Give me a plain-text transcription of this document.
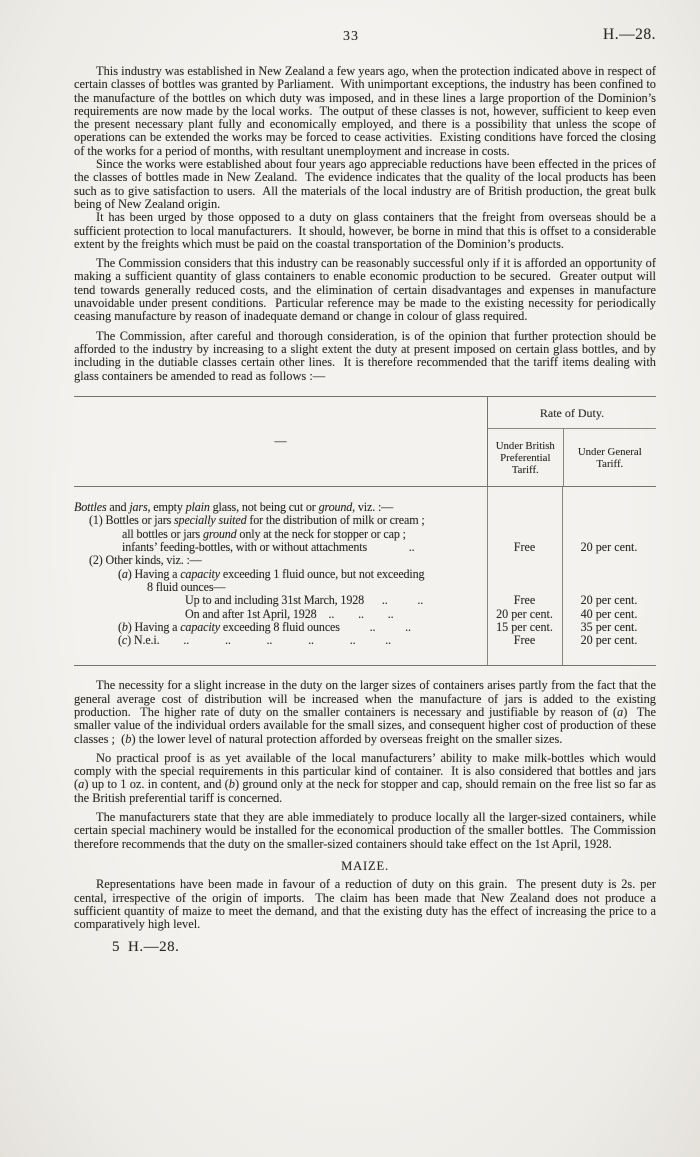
33	H.—28.

This industry was established in New Zealand a few years ago, when the protection indicated above in respect of certain classes of bottles was granted by Parliament.  With unimportant exceptions, the industry has been confined to the manufacture of the bottles on which duty was imposed, and in these lines a large proportion of the Dominion’s requirements are now made by the local works.  The output of these classes is not, however, sufficient to keep even the present necessary plant fully and economically employed, and there is a possibility that unless the scope of operations can be extended the works may be forced to cease activities.  Existing conditions have forced the closing of the works for a period of months, with resultant unemployment and increase in costs.

Since the works were established about four years ago appreciable reductions have been effected in the prices of the classes of bottles made in New Zealand.  The evidence indicates that the quality of the local products has been such as to give satisfaction to users.  All the materials of the local industry are of British production, the great bulk being of New Zealand origin.

It has been urged by those opposed to a duty on glass containers that the freight from overseas should be a sufficient protection to local manufacturers.  It should, however, be borne in mind that this is offset to a considerable extent by the freights which must be paid on the coastal transportation of the Dominion’s products.

The Commission considers that this industry can be reasonably successful only if it is afforded an opportunity of making a sufficient quantity of glass containers to enable economic production to be secured.  Greater output will tend towards generally reduced costs, and the elimination of certain disadvantages and expenses in manufacture unavoidable under present conditions.  Particular reference may be made to the existing necessity for periodically ceasing manufacture by reason of inadequate demand or change in colour of glass required.

The Commission, after careful and thorough consideration, is of the opinion that further protection should be afforded to the industry by increasing to a slight extent the duty at present imposed on certain glass bottles, and by including in the dutiable classes certain other lines.  It is therefore recommended that the tariff items dealing with glass containers be amended to read as follows :—

—
Rate of Duty.
Under British Preferential Tariff.
Under General Tariff.
Bottles and jars, empty plain glass, not being cut or ground, viz. :—
(1) Bottles or jars specially suited for the distribution of milk or cream ;
all bottles or jars ground only at the neck for stopper or cap ;
infants’ feeding-bottles, with or without attachments    ..	Free	20 per cent.
(2) Other kinds, viz. :—
(a) Having a capacity exceeding 1 fluid ounce, but not exceeding
8 fluid ounces—
Up to and including 31st March, 1928  ..   ..	Free	20 per cent.
On and after 1st April, 1928 ..  ..  ..	20 per cent.	40 per cent.
(b) Having a capacity exceeding 8 fluid ounces   ..   ..	15 per cent.	35 per cent.
(c) N.e.i.  ..   ..   ..   ..   ..   ..	Free	20 per cent.

The necessity for a slight increase in the duty on the larger sizes of containers arises partly from the fact that the general average cost of distribution will be increased when the manufacture of jars is added to the existing production.  The higher rate of duty on the smaller containers is necessary and justifiable by reason of (a)  The smaller value of the individual orders available for the small sizes, and consequent higher cost of production of these classes ;  (b) the lower level of natural protection afforded by overseas freight on the smaller sizes.

No practical proof is as yet available of the local manufacturers’ ability to make milk-bottles which would comply with the special requirements in this particular kind of container.  It is also considered that bottles and jars (a) up to 1 oz. in content, and (b) ground only at the neck for stopper and cap, should remain on the free list so far as the British preferential tariff is concerned.

The manufacturers state that they are able immediately to produce locally all the larger-sized containers, while certain special machinery would be installed for the economical production of the smaller bottles.  The Commission therefore recommends that the duty on the smaller-sized containers should take effect on the 1st April, 1928.

MAIZE.

Representations have been made in favour of a reduction of duty on this grain.  The present duty is 2s. per cental, irrespective of the origin of imports.  The claim has been made that New Zealand does not produce a sufficient quantity of maize to meet the demand, and that the existing duty has the effect of increasing the price to a comparatively high level.

5 H.—28.
